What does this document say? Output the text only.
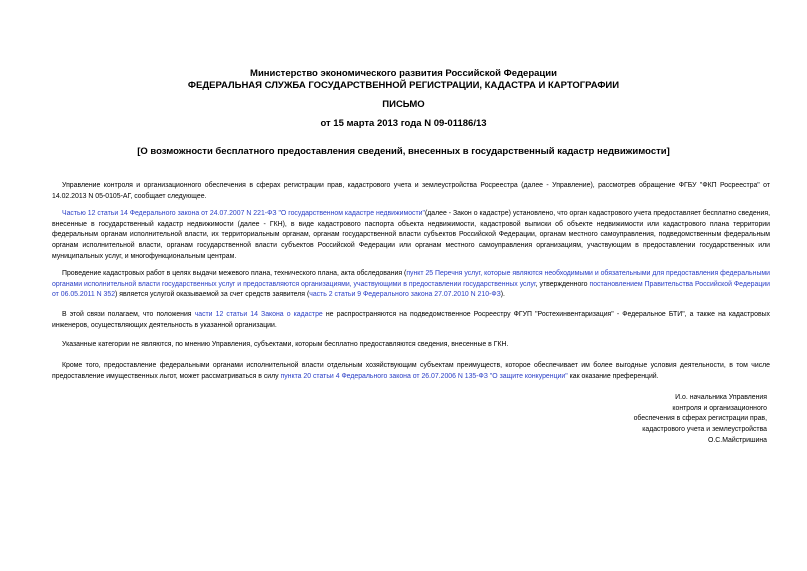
Министерство экономического развития Российской Федерации
ФЕДЕРАЛЬНАЯ СЛУЖБА ГОСУДАРСТВЕННОЙ РЕГИСТРАЦИИ, КАДАСТРА И КАРТОГРАФИИ
ПИСЬМО
от 15 марта 2013 года N 09-01186/13
[О возможности бесплатного предоставления сведений, внесенных в государственный кадастр недвижимости]
Управление контроля и организационного обеспечения в сферах регистрации прав, кадастрового учета и землеустройства Росреестра (далее - Управление), рассмотрев обращение ФГБУ "ФКП Росреестра" от 14.02.2013 N 05-0105-АГ, сообщает следующее.
Частью 12 статьи 14 Федерального закона от 24.07.2007 N 221-ФЗ "О государственном кадастре недвижимости"(далее - Закон о кадастре) установлено, что орган кадастрового учета предоставляет бесплатно сведения, внесенные в государственный кадастр недвижимости (далее - ГКН), в виде кадастрового паспорта объекта недвижимости, кадастровой выписки об объекте недвижимости или кадастрового плана территории федеральным органам исполнительной власти, их территориальным органам, органам государственной власти субъектов Российской Федерации, органам местного самоуправления, подведомственным федеральным органам исполнительной власти, органам государственной власти субъектов Российской Федерации или органам местного самоуправления организациям, участвующим в предоставлении государственных или муниципальных услуг, и многофункциональным центрам.
Проведение кадастровых работ в целях выдачи межевого плана, технического плана, акта обследования (пункт 25 Перечня услуг, которые являются необходимыми и обязательными для предоставления федеральными органами исполнительной власти государственных услуг и предоставляются организациями, участвующими в предоставлении государственных услуг, утвержденного постановлением Правительства Российской Федерации от 06.05.2011 N 352) является услугой оказываемой за счет средств заявителя (часть 2 статьи 9 Федерального закона 27.07.2010 N 210-ФЗ).
В этой связи полагаем, что положения части 12 статьи 14 Закона о кадастре не распространяются на подведомственное Росреестру ФГУП "Ростехинвентаризация" - Федеральное БТИ", а также на кадастровых инженеров, осуществляющих деятельность в указанной организации.
Указанные категории не являются, по мнению Управления, субъектами, которым бесплатно предоставляются сведения, внесенные в ГКН.
Кроме того, предоставление федеральными органами исполнительной власти отдельным хозяйствующим субъектам преимуществ, которое обеспечивает им более выгодные условия деятельности, в том числе предоставление имущественных льгот, может рассматриваться в силу пункта 20 статьи 4 Федерального закона от 26.07.2006 N 135-ФЗ "О защите конкуренции" как оказание преференций.
И.о. начальника Управления
контроля и организационного
обеспечения в сферах регистрации прав,
кадастрового учета и землеустройства
О.С.Майстришина
